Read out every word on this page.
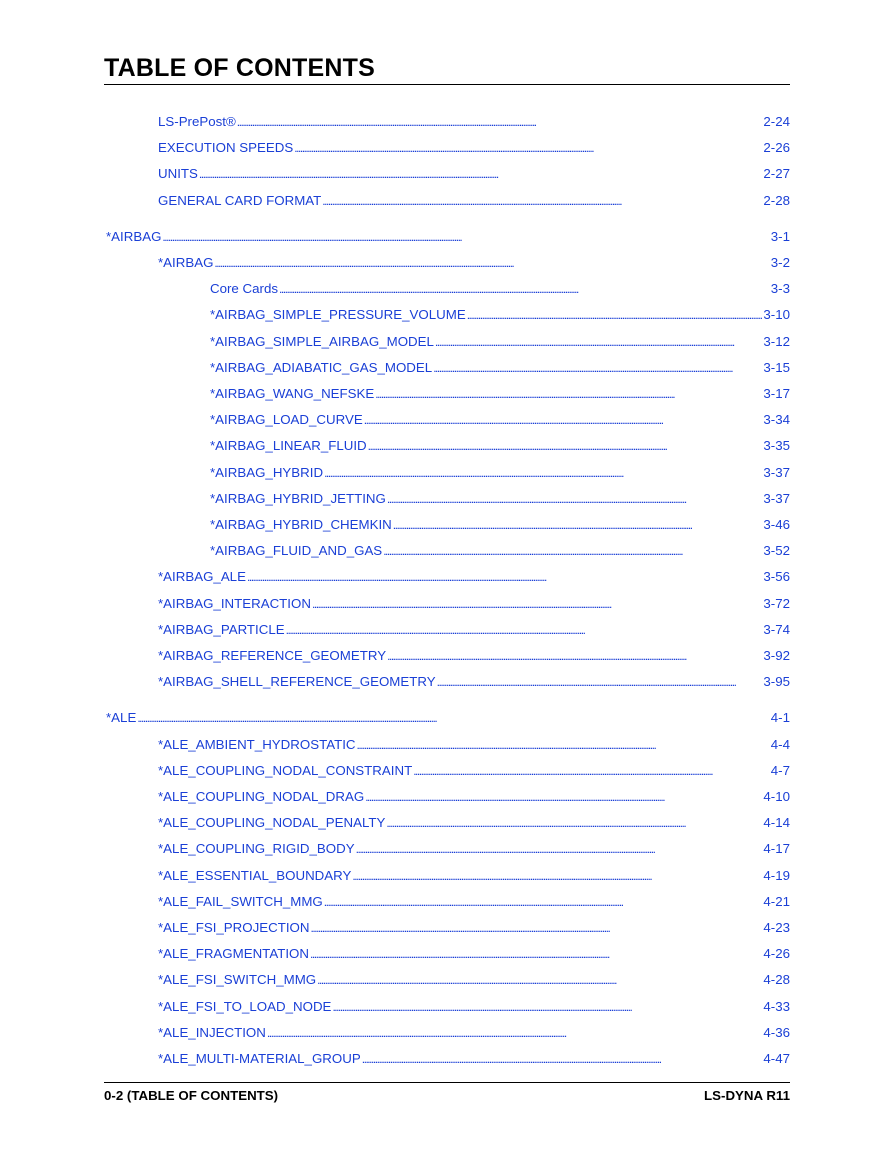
TABLE OF CONTENTS
LS-PrePost® . . .	2-24
EXECUTION SPEEDS . . .	2-26
UNITS . . .	2-27
GENERAL CARD FORMAT . . .	2-28
*AIRBAG . . .	3-1
*AIRBAG . . .	3-2
Core Cards . . .	3-3
*AIRBAG_SIMPLE_PRESSURE_VOLUME . . .	3-10
*AIRBAG_SIMPLE_AIRBAG_MODEL . . .	3-12
*AIRBAG_ADIABATIC_GAS_MODEL . . .	3-15
*AIRBAG_WANG_NEFSKE . . .	3-17
*AIRBAG_LOAD_CURVE . . .	3-34
*AIRBAG_LINEAR_FLUID . . .	3-35
*AIRBAG_HYBRID . . .	3-37
*AIRBAG_HYBRID_JETTING . . .	3-37
*AIRBAG_HYBRID_CHEMKIN . . .	3-46
*AIRBAG_FLUID_AND_GAS . . .	3-52
*AIRBAG_ALE . . .	3-56
*AIRBAG_INTERACTION . . .	3-72
*AIRBAG_PARTICLE . . .	3-74
*AIRBAG_REFERENCE_GEOMETRY . . .	3-92
*AIRBAG_SHELL_REFERENCE_GEOMETRY . . .	3-95
*ALE . . .	4-1
*ALE_AMBIENT_HYDROSTATIC . . .	4-4
*ALE_COUPLING_NODAL_CONSTRAINT . . .	4-7
*ALE_COUPLING_NODAL_DRAG . . .	4-10
*ALE_COUPLING_NODAL_PENALTY . . .	4-14
*ALE_COUPLING_RIGID_BODY . . .	4-17
*ALE_ESSENTIAL_BOUNDARY . . .	4-19
*ALE_FAIL_SWITCH_MMG . . .	4-21
*ALE_FSI_PROJECTION . . .	4-23
*ALE_FRAGMENTATION . . .	4-26
*ALE_FSI_SWITCH_MMG . . .	4-28
*ALE_FSI_TO_LOAD_NODE . . .	4-33
*ALE_INJECTION . . .	4-36
*ALE_MULTI-MATERIAL_GROUP . . .	4-47
0-2 (TABLE OF CONTENTS)	LS-DYNA R11
